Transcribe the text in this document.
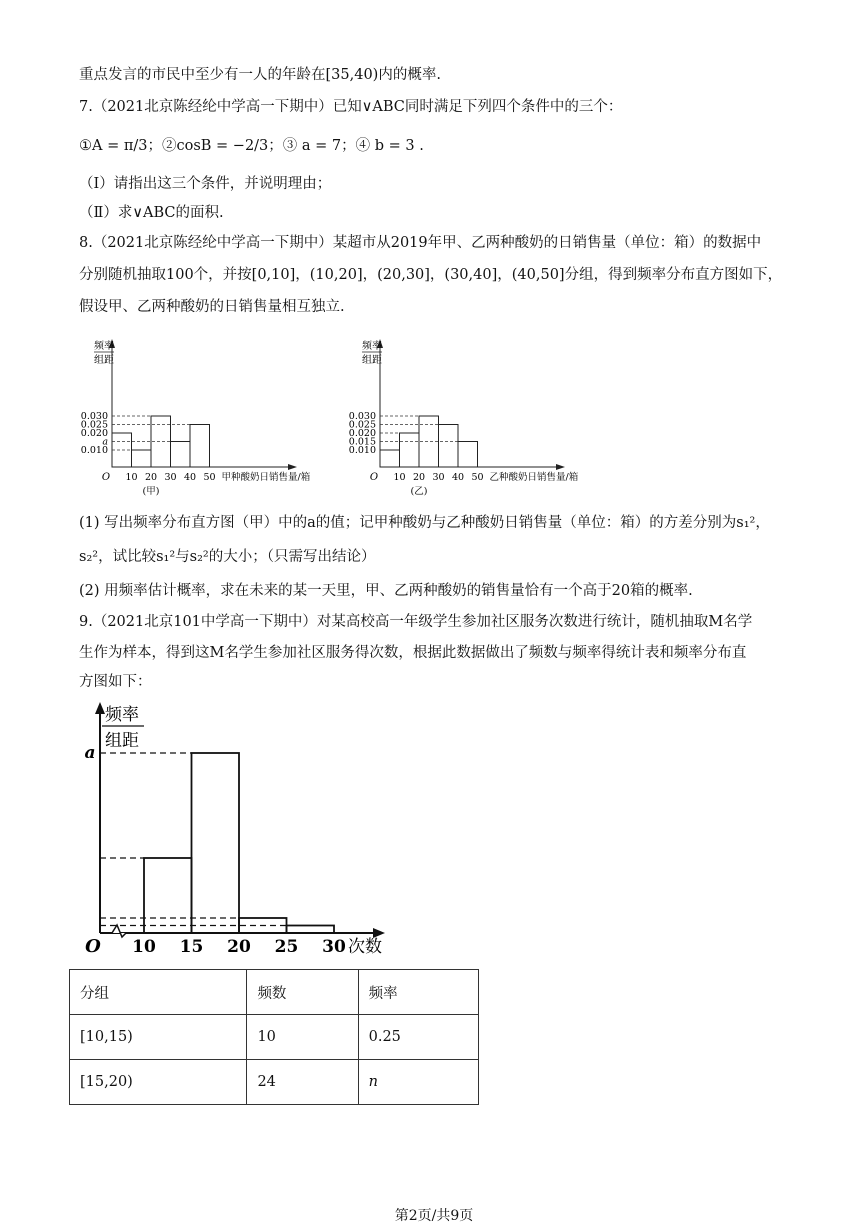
重点发言的市民中至少有一人的年龄在[35,40)内的概率.
7.（2021北京陈经纶中学高一下期中）已知∨ABC同时满足下列四个条件中的三个：
①A = π/3；②cosB = −2/3；③ a = 7；④ b = 3 .
（Ⅰ）请指出这三个条件，并说明理由；
（Ⅱ）求∨ABC的面积.
8.（2021北京陈经纶中学高一下期中）某超市从2019年甲、乙两种酸奶的日销售量（单位：箱）的数据中
分别随机抽取100个，并按[0,10]，(10,20]，(20,30]，(30,40]，(40,50]分组，得到频率分布直方图如下，
假设甲、乙两种酸奶的日销售量相互独立.
频率
组距
0.030
0.025
0.020
a
0.010
O 10 20 30 40 50 甲种酸奶日销售量/箱
(甲)
频率
组距
0.030
0.025
0.020
0.015
0.010
O 10 20 30 40 50 乙种酸奶日销售量/箱
(乙)
(1) 写出频率分布直方图（甲）中的a的值；记甲种酸奶与乙种酸奶日销售量（单位：箱）的方差分别为s₁²，
s₂²，试比较s₁²与s₂²的大小；（只需写出结论）
(2) 用频率估计概率，求在未来的某一天里，甲、乙两种酸奶的销售量恰有一个高于20箱的概率.
9.（2021北京101中学高一下期中）对某高校高一年级学生参加社区服务次数进行统计，随机抽取M名学
生作为样本，得到这M名学生参加社区服务得次数，根据此数据做出了频数与频率得统计表和频率分布直
方图如下：
频率
组距
a
O 10 15 20 25 30 次数
分组	频数	频率
[10,15)	10	0.25
[15,20)	24	n
第2页/共9页
